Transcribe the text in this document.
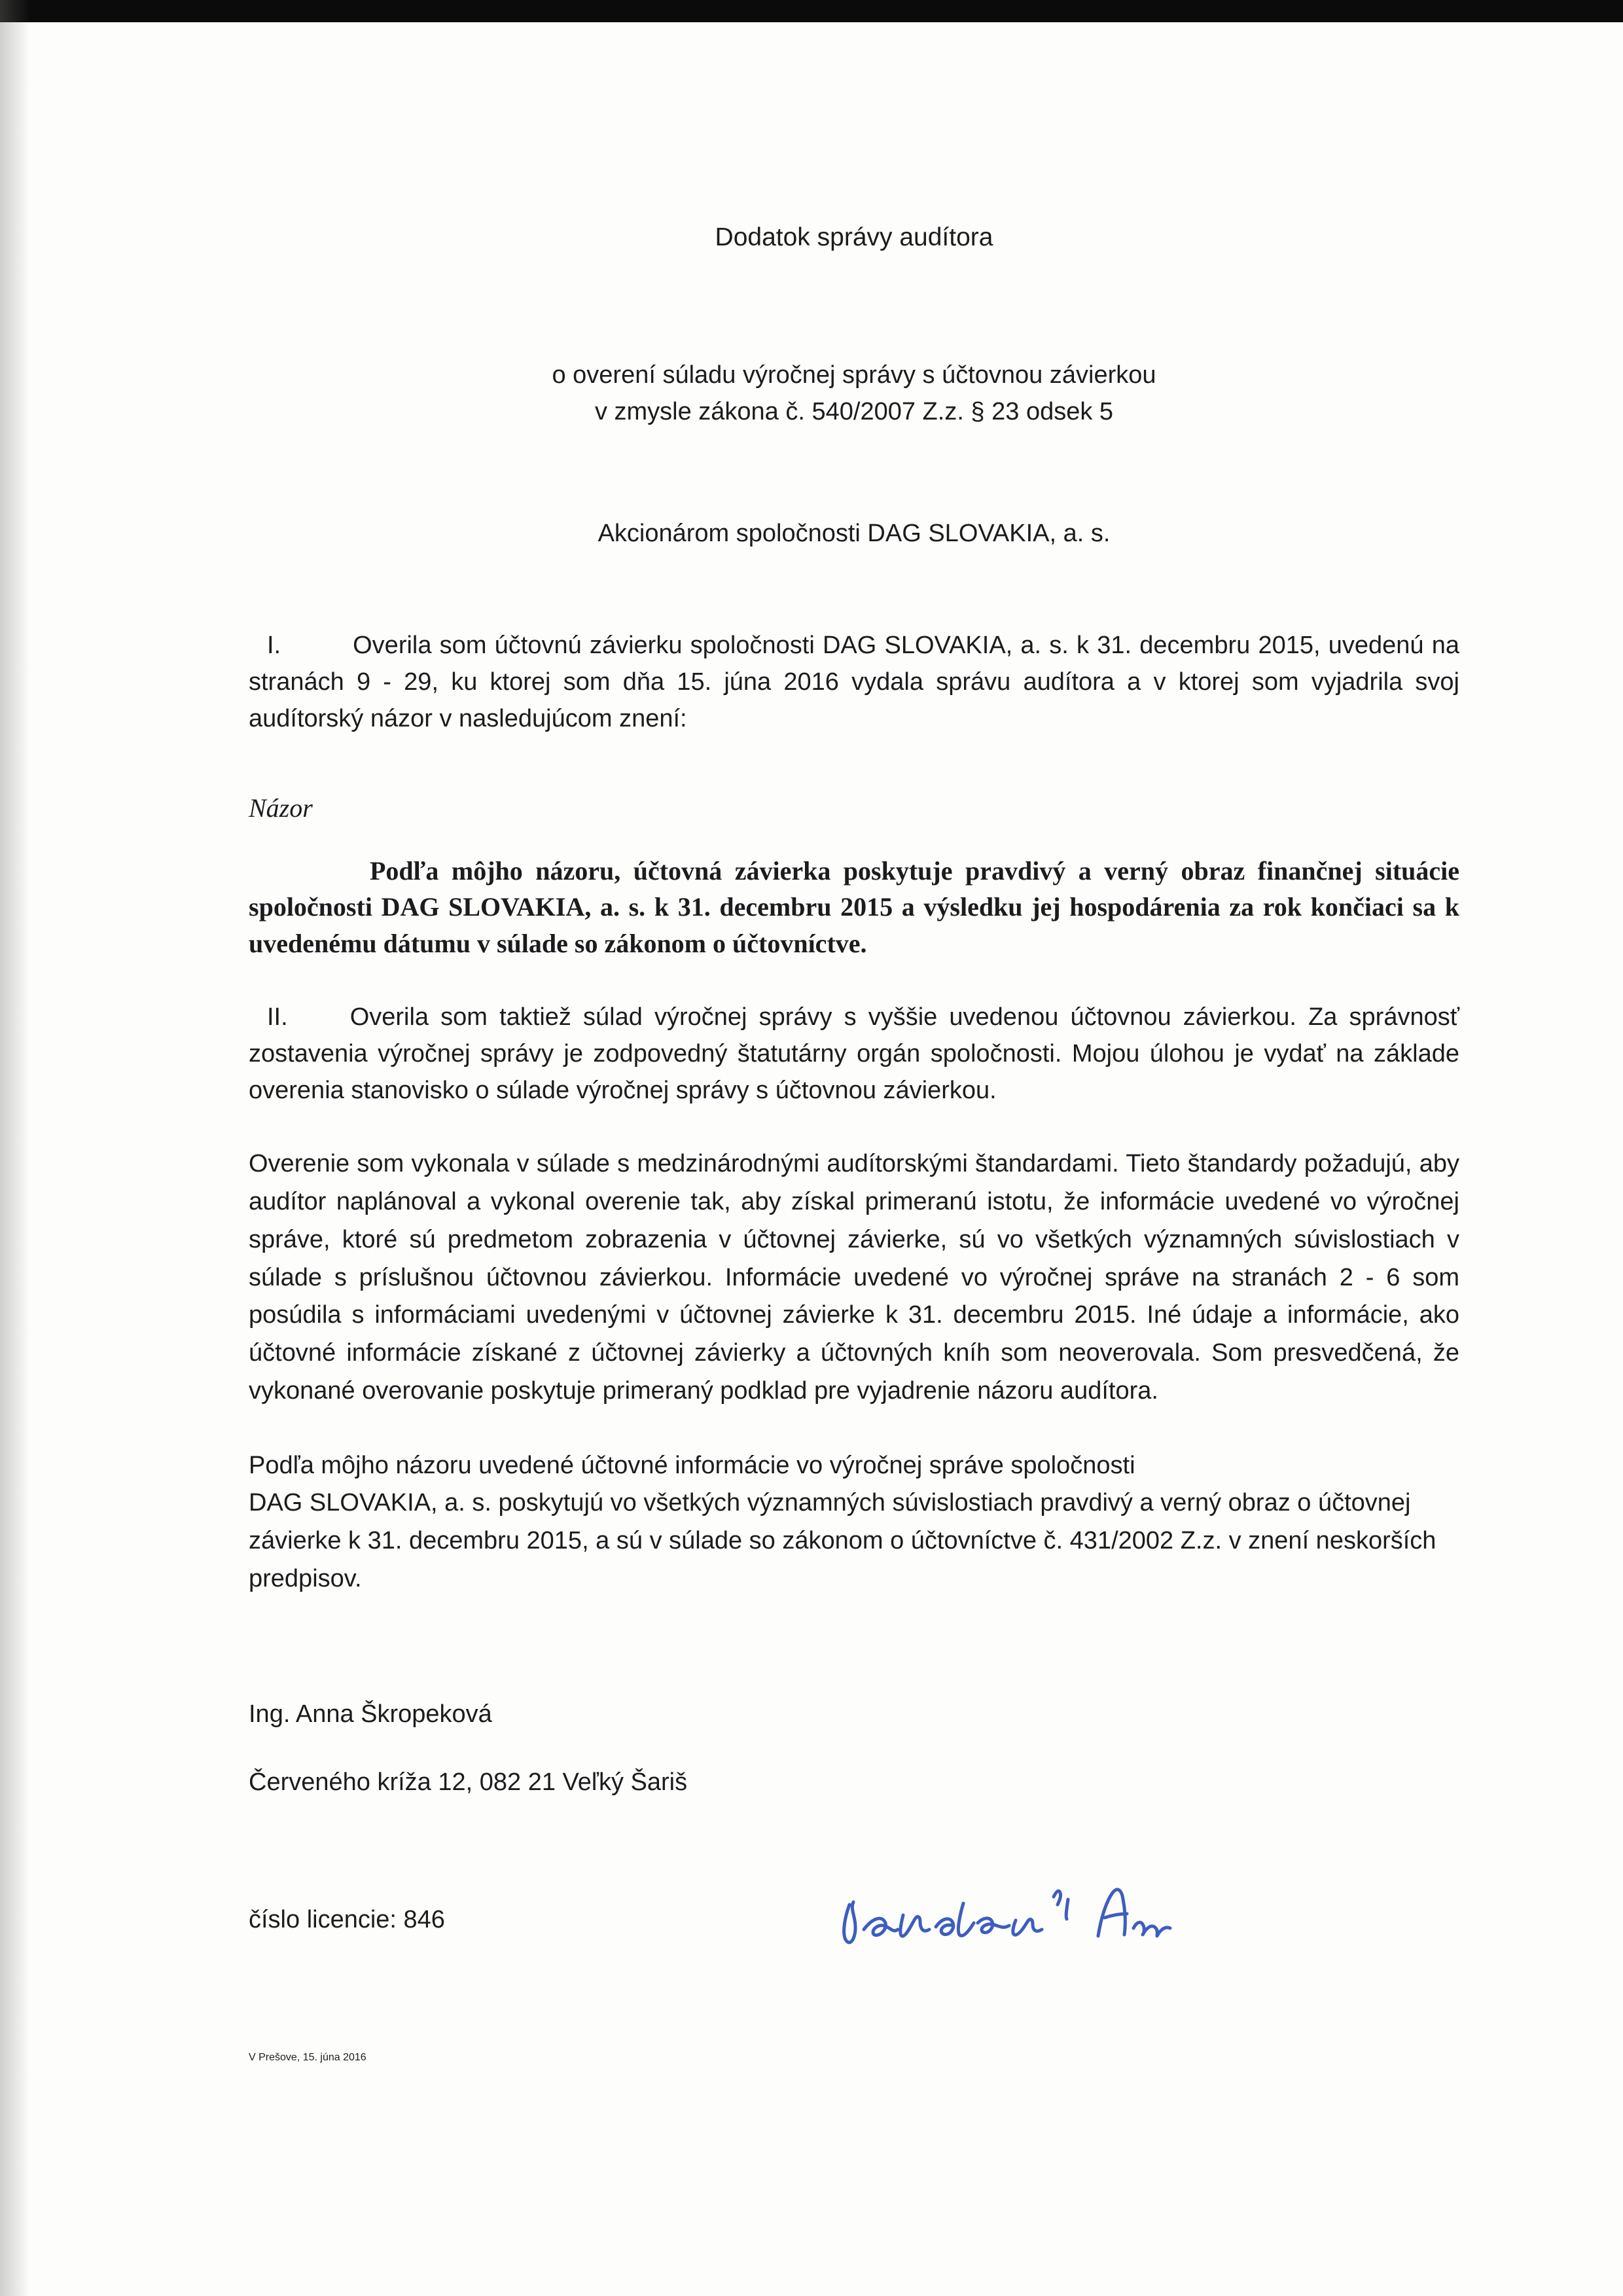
Dodatok správy audítora
o overení súladu výročnej správy s účtovnou závierkou
v zmysle zákona č. 540/2007 Z.z. § 23 odsek 5
Akcionárom spoločnosti DAG SLOVAKIA, a. s.

I.	Overila som účtovnú závierku spoločnosti DAG SLOVAKIA, a. s. k 31. decembru 2015, uvedenú na stranách 9 - 29, ku ktorej som dňa 15. júna 2016 vydala správu audítora a v ktorej som vyjadrila svoj audítorský názor v nasledujúcom znení:

Názor

Podľa môjho názoru, účtovná závierka poskytuje pravdivý a verný obraz finančnej situácie spoločnosti DAG SLOVAKIA, a. s. k 31. decembru 2015 a výsledku jej hospodárenia za rok končiaci sa k uvedenému dátumu v súlade so zákonom o účtovníctve.

II.	Overila som taktiež súlad výročnej správy s vyššie uvedenou účtovnou závierkou. Za správnosť zostavenia výročnej správy je zodpovedný štatutárny orgán spoločnosti. Mojou úlohou je vydať na základe overenia stanovisko o súlade výročnej správy s účtovnou závierkou.

Overenie som vykonala v súlade s medzinárodnými audítorskými štandardami. Tieto štandardy požadujú, aby audítor naplánoval a vykonal overenie tak, aby získal primeranú istotu, že informácie uvedené vo výročnej správe, ktoré sú predmetom zobrazenia v účtovnej závierke, sú vo všetkých významných súvislostiach v súlade s príslušnou účtovnou závierkou. Informácie uvedené vo výročnej správe na stranách 2 - 6 som posúdila s informáciami uvedenými v účtovnej závierke k 31. decembru 2015. Iné údaje a informácie, ako účtovné informácie získané z účtovnej závierky a účtovných kníh som neoverovala. Som presvedčená, že vykonané overovanie poskytuje primeraný podklad pre vyjadrenie názoru audítora.

Podľa môjho názoru uvedené účtovné informácie vo výročnej správe spoločnosti
DAG SLOVAKIA, a. s. poskytujú vo všetkých významných súvislostiach pravdivý a verný obraz o účtovnej závierke k 31. decembru 2015, a sú v súlade so zákonom o účtovníctve č. 431/2002 Z.z. v znení neskorších predpisov.

Ing. Anna Škropeková
Červeného kríža 12, 082 21 Veľký Šariš
číslo licencie: 846
V Prešove, 15. júna 2016
